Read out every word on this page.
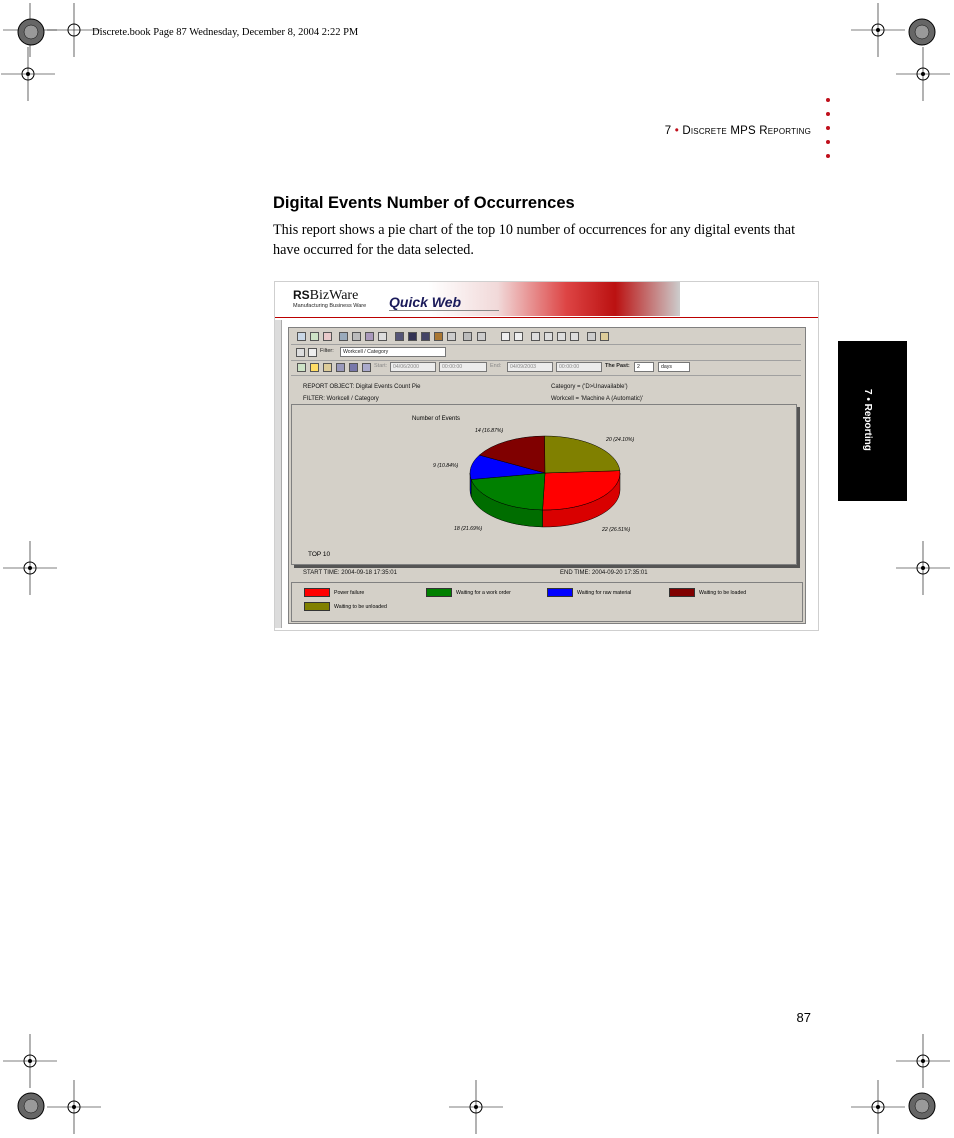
Discrete.book Page 87 Wednesday, December 8, 2004 2:22 PM
7 • Discrete MPS Reporting
7 • Reporting
Digital Events Number of Occurrences
This report shows a pie chart of the top 10 number of occurrences for any digital events that have occurred for the data selected.
RSBizWare
Manufacturing Business Ware Quick Web
Filter:	Workcell / Category
Start:	04/06/2000	00:00:00	End:	04/09/2003	00:00:00	The Past:	2	days
REPORT OBJECT: Digital Events Count Pie
FILTER: Workcell / Category
Category = ('D>Unavailable')
Workcell = 'Machine A (Automatic)'
Number of Events
22 (26.51%)
18 (21.69%)
9 (10.84%)
14 (16.87%)
20 (24.10%)
TOP 10
START TIME: 2004-09-18 17:35:01	END TIME: 2004-09-20 17:35:01
Power failure	Waiting for a work order	Waiting for raw material	Waiting to be loaded
Waiting to be unloaded
87
